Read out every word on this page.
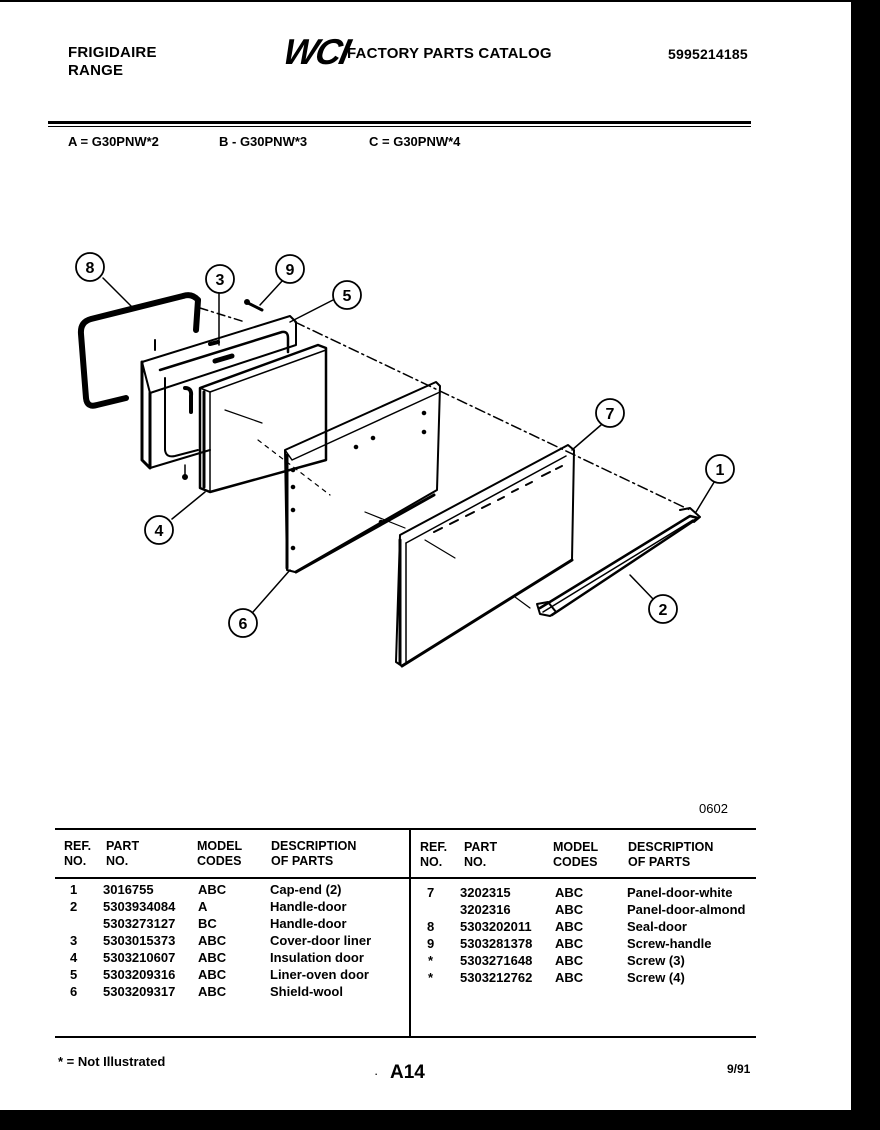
FRIGIDAIRE
RANGE	WCI
FACTORY PARTS CATALOG	5995214185
A = G30PNW*2	B - G30PNW*3	C = G30PNW*4
8
3
9
5
4
6
7
1
2
0602
REF.
NO.
PART
NO.
MODEL
CODES
DESCRIPTION
OF PARTS
REF.
NO.
PART
NO.
MODEL
CODES
DESCRIPTION
OF PARTS
1 3016755	ABC	Cap-end (2)
2 5303934084 A	Handle-door
5303273127 BC	Handle-door
3 5303015373 ABC	Cover-door liner
4 5303210607 ABC	Insulation door
5 5303209316 ABC	Liner-oven door
6 5303209317 ABC	Shield-wool
7 3202315	ABC	Panel-door-white
3202316	ABC	Panel-door-almond
8 5303202011 ABC	Seal-door
9 5303281378 ABC	Screw-handle
* 5303271648 ABC	Screw (3)
* 5303212762 ABC	Screw (4)
* = Not Illustrated
· A14	9/91
